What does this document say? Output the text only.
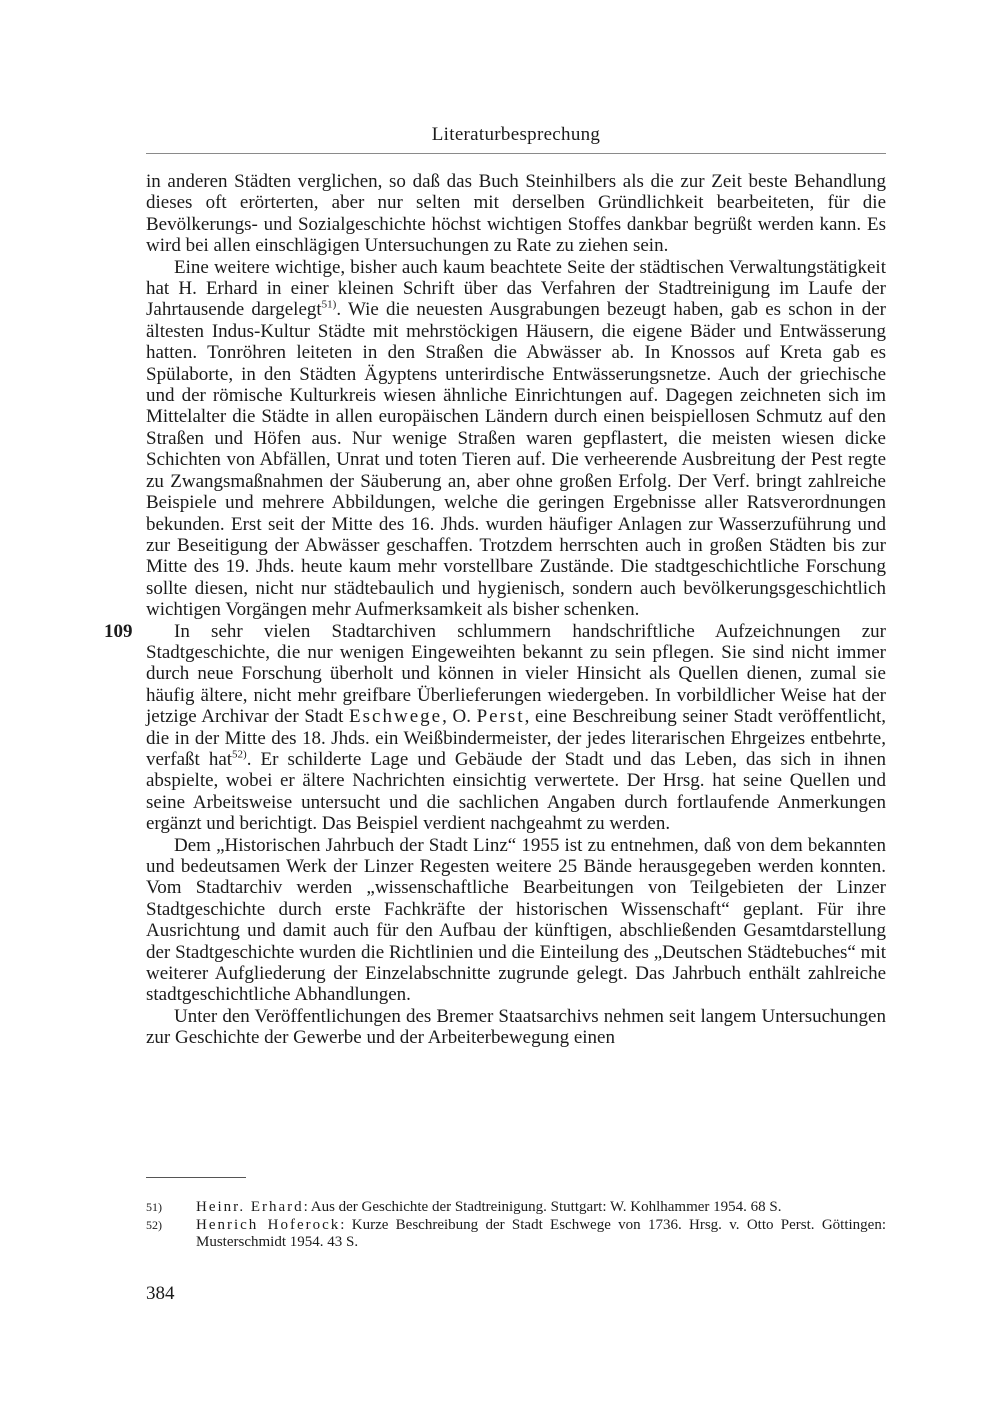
Literaturbesprechung

in anderen Städten verglichen, so daß das Buch Steinhilbers als die zur Zeit beste Behandlung dieses oft erörterten, aber nur selten mit derselben Gründlichkeit bearbeiteten, für die Bevölkerungs- und Sozialgeschichte höchst wichtigen Stoffes dankbar begrüßt werden kann. Es wird bei allen einschlägigen Untersuchungen zu Rate zu ziehen sein.

Eine weitere wichtige, bisher auch kaum beachtete Seite der städtischen Verwaltungstätigkeit hat H. Erhard in einer kleinen Schrift über das Verfahren der Stadtreinigung im Laufe der Jahrtausende dargelegt$^{51)}$. Wie die neuesten Ausgrabungen bezeugt haben, gab es schon in der ältesten Indus-Kultur Städte mit mehrstöckigen Häusern, die eigene Bäder und Entwässerung hatten. Tonröhren leiteten in den Straßen die Abwässer ab. In Knossos auf Kreta gab es Spülaborte, in den Städten Ägyptens unterirdische Entwässerungsnetze. Auch der griechische und der römische Kulturkreis wiesen ähnliche Einrichtungen auf. Dagegen zeichneten sich im Mittelalter die Städte in allen europäischen Ländern durch einen beispiellosen Schmutz auf den Straßen und Höfen aus. Nur wenige Straßen waren gepflastert, die meisten wiesen dicke Schichten von Abfällen, Unrat und toten Tieren auf. Die verheerende Ausbreitung der Pest regte zu Zwangsmaßnahmen der Säuberung an, aber ohne großen Erfolg. Der Verf. bringt zahlreiche Beispiele und mehrere Abbildungen, welche die geringen Ergebnisse aller Ratsverordnungen bekunden. Erst seit der Mitte des 16. Jhds. wurden häufiger Anlagen zur Wasserzuführung und zur Beseitigung der Abwässer geschaffen. Trotzdem herrschten auch in großen Städten bis zur Mitte des 19. Jhds. heute kaum mehr vorstellbare Zustände. Die stadtgeschichtliche Forschung sollte diesen, nicht nur städtebaulich und hygienisch, sondern auch bevölkerungsgeschichtlich wichtigen Vorgängen mehr Aufmerksamkeit als bisher schenken.

109	In sehr vielen Stadtarchiven schlummern handschriftliche Aufzeichnungen zur Stadtgeschichte, die nur wenigen Eingeweihten bekannt zu sein pflegen. Sie sind nicht immer durch neue Forschung überholt und können in vieler Hinsicht als Quellen dienen, zumal sie häufig ältere, nicht mehr greifbare Überlieferungen wiedergeben. In vorbildlicher Weise hat der jetzige Archivar der Stadt Eschwege, O. Perst, eine Beschreibung seiner Stadt veröffentlicht, die in der Mitte des 18. Jhds. ein Weißbindermeister, der jedes literarischen Ehrgeizes entbehrte, verfaßt hat$^{52)}$. Er schilderte Lage und Gebäude der Stadt und das Leben, das sich in ihnen abspielte, wobei er ältere Nachrichten einsichtig verwertete. Der Hrsg. hat seine Quellen und seine Arbeitsweise untersucht und die sachlichen Angaben durch fortlaufende Anmerkungen ergänzt und berichtigt. Das Beispiel verdient nachgeahmt zu werden.

Dem „Historischen Jahrbuch der Stadt Linz“ 1955 ist zu entnehmen, daß von dem bekannten und bedeutsamen Werk der Linzer Regesten weitere 25 Bände herausgegeben werden konnten. Vom Stadtarchiv werden „wissenschaftliche Bearbeitungen von Teilgebieten der Linzer Stadtgeschichte durch erste Fachkräfte der historischen Wissenschaft“ geplant. Für ihre Ausrichtung und damit auch für den Aufbau der künftigen, abschließenden Gesamtdarstellung der Stadtgeschichte wurden die Richtlinien und die Einteilung des „Deutschen Städtebuches“ mit weiterer Aufgliederung der Einzelabschnitte zugrunde gelegt. Das Jahrbuch enthält zahlreiche stadtgeschichtliche Abhandlungen.

Unter den Veröffentlichungen des Bremer Staatsarchivs nehmen seit langem Untersuchungen zur Geschichte der Gewerbe und der Arbeiterbewegung einen

51)	Heinr. Erhard: Aus der Geschichte der Stadtreinigung. Stuttgart: W. Kohlhammer 1954. 68 S.

52)	Henrich Hoferock: Kurze Beschreibung der Stadt Eschwege von 1736. Hrsg. v. Otto Perst. Göttingen: Musterschmidt 1954. 43 S.

384
